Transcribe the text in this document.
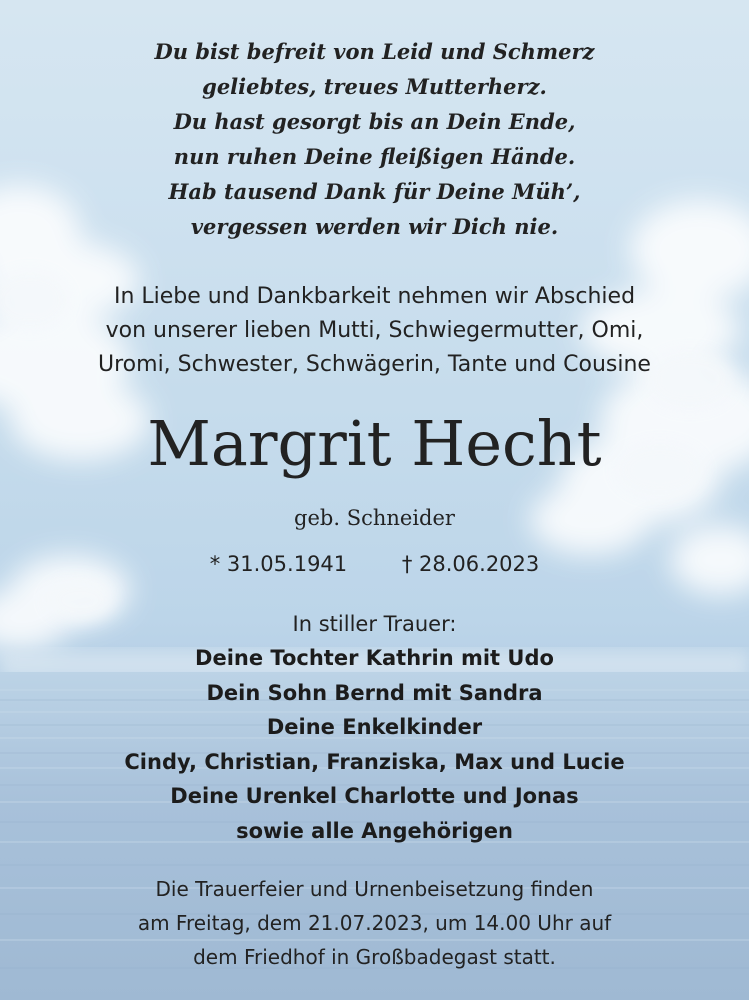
Du bist befreit von Leid und Schmerz
geliebtes, treues Mutterherz.
Du hast gesorgt bis an Dein Ende,
nun ruhen Deine fleißigen Hände.
Hab tausend Dank für Deine Müh’,
vergessen werden wir Dich nie.
In Liebe und Dankbarkeit nehmen wir Abschied
von unserer lieben Mutti, Schwiegermutter, Omi,
Uromi, Schwester, Schwägerin, Tante und Cousine
Margrit Hecht
geb. Schneider
* 31.05.1941	† 28.06.2023
In stiller Trauer:
Deine Tochter Kathrin mit Udo
Dein Sohn Bernd mit Sandra
Deine Enkelkinder
Cindy, Christian, Franziska, Max und Lucie
Deine Urenkel Charlotte und Jonas
sowie alle Angehörigen
Die Trauerfeier und Urnenbeisetzung finden
am Freitag, dem 21.07.2023, um 14.00 Uhr auf
dem Friedhof in Großbadegast statt.
